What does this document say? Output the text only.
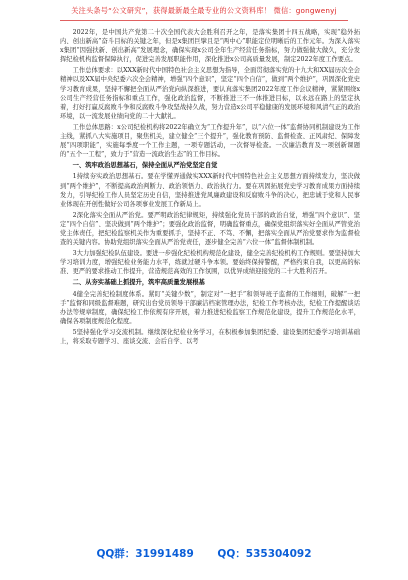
关注头条号“公文研究”，获得最新最全最专业的公文资料库！ 微信：gongwenyj

2022年，是中国共产党第二十次全国代表大会胜利召开之年，是落实集团十四五战略，实现“稳外拓内、创出新高”奋斗目标的关键之年，但是x集团巨擘且是“两中心”职能定位明晰后的工作元年。为深入落实x集团“因强扶新、创出新高”发展理念，确保实现x公司全年生产经营任务指标，努力做强做大做久，充分发挥纪检机构监督保障执行，促进完善发展职能作用，深化推进x公司高质量发展，制定2022年度工作要点。

工作总体要求：以XXX新时代中国特色社会主义思想为指导，全面贯彻落实党的十九大和XX届历次全会精神以及XX届中央纪委六次全会精神，增强“四个意识”，坚定“四个自信”，做到“两个维护”，巩固深化党史学习教育成果，坚持不懈把全面从严治党向纵深推进，要认真落实集团2022年度工作会议精神，紧紧围绕x公司生产经营任务指标和重点工作，强化政治监督，不断推进三不一体推进目标，以永远在路上的坚定执着，打好打赢反腐败斗争和反腐败斗争攻坚战持久战，努力营造x公司平稳健康的发展环境和风清气正的政治环境，以一流发展业绩向党的二十大献礼。

工作总体思路：x公司纪检机构将2022年确立为“工作提升年”，以“六位一体”监督协同机制建设为工作主线，紧抓八大实施项目，聚焦机关，建立健全“三个提升”，强化教育预防、监督检查、正风肃纪、保障发展“四项职能”，实施每季度一个工作主题，一项专题活动，一次督导检查。一次廉洁教育及一项创新课题的“五个一工程”，致力于“营造一流政治生态”的工作目标。

一、筑牢政治思想基石，保持全面从严治党坚定自觉

1持续夯实政治思想基石。要在学懂弄通做实XXX新时代中国特色社会主义思想方面持续发力，坚决做到“两个维护”，不断提高政治判断力、政治领悟力、政治执行力。要在巩固拓展党史学习教育成果方面持续发力，引导纪检工作人员坚定历史自信，坚持推进党风廉政建设和反腐败斗争的决心，把忠诚于党和人民事业体现在开创性做好公司各项事业发展工作新局上。

2深化落实全面从严治党。要严明政治纪律规矩，持续强化党员干部的政治自觉，增强“四个意识”、坚定“四个自信”、坚决做到“两个维护”；要强化政治监督，明确监督重点，确保党组织落实好全面从严管党治党主体责任，把纪检监察机关作为重要抓手，坚持不正、不笃、不懈，把落实全面从严治党要求作为监督检查的关键内容。协助党组织落实全面从严治党责任，逐步健全完善“六位一体”监督体制机制。

3大力加强纪检队伍建设。要进一步强化纪检机构规范化建设，健全完善纪检机构工作规则。要坚持加大学习培训力度，增强纪检业务能力水平，练就过硬斗争本领。要始终保持警醒，严格约束自我，以更高的标准、更严的要求推动工作提升，营造规范高效的工作氛围，以优异成绩迎接党的二十大胜利召开。

二、从夯实基础上抓提升，筑牢高质量发展根基

4健全完善纪检制度体系。紧盯“关键少数”，制定对“一把手”和领导班子监督的工作细则，破解“一把手”监督和同级监督难题，研究出台党员领导干部廉洁档案管理办法，纪检工作考核办法，纪检工作提醒谈话办法等规章制度，确保纪检工作依规有序开展，着力推进纪检监察工作规范化建设，提升工作规范化水平，确保各项制度规范化程度。

5坚持强化学习交流机制。继续深化纪检业务学习，在积极参加集团纪委、建设集团纪委学习培训基础上，将采取专题学习、座谈交流、会后自学、以考

QQ群：31991489 QQ：535304092
